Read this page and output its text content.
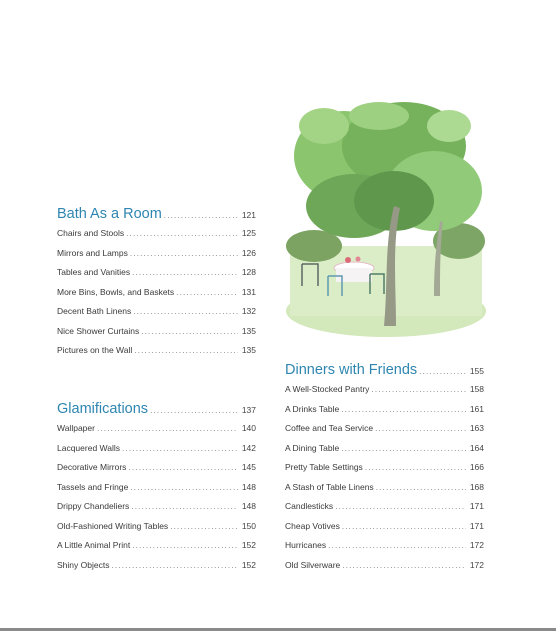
Bath As a Room .....	121
Chairs and Stools .....	125
Mirrors and Lamps .....	126
Tables and Vanities .....	128
More Bins, Bowls, and Baskets .....	131
Decent Bath Linens .....	132
Nice Shower Curtains .....	135
Pictures on the Wall .....	135
Glamifications .....	137
Wallpaper .....	140
Lacquered Walls .....	142
Decorative Mirrors .....	145
Tassels and Fringe .....	148
Drippy Chandeliers .....	148
Old-Fashioned Writing Tables .....	150
A Little Animal Print .....	152
Shiny Objects .....	152
Dinners with Friends .....	155
A Well-Stocked Pantry .....	158
A Drinks Table .....	161
Coffee and Tea Service .....	163
A Dining Table .....	164
Pretty Table Settings .....	166
A Stash of Table Linens .....	168
Candlesticks .....	171
Cheap Votives .....	171
Hurricanes .....	172
Old Silverware .....	172
